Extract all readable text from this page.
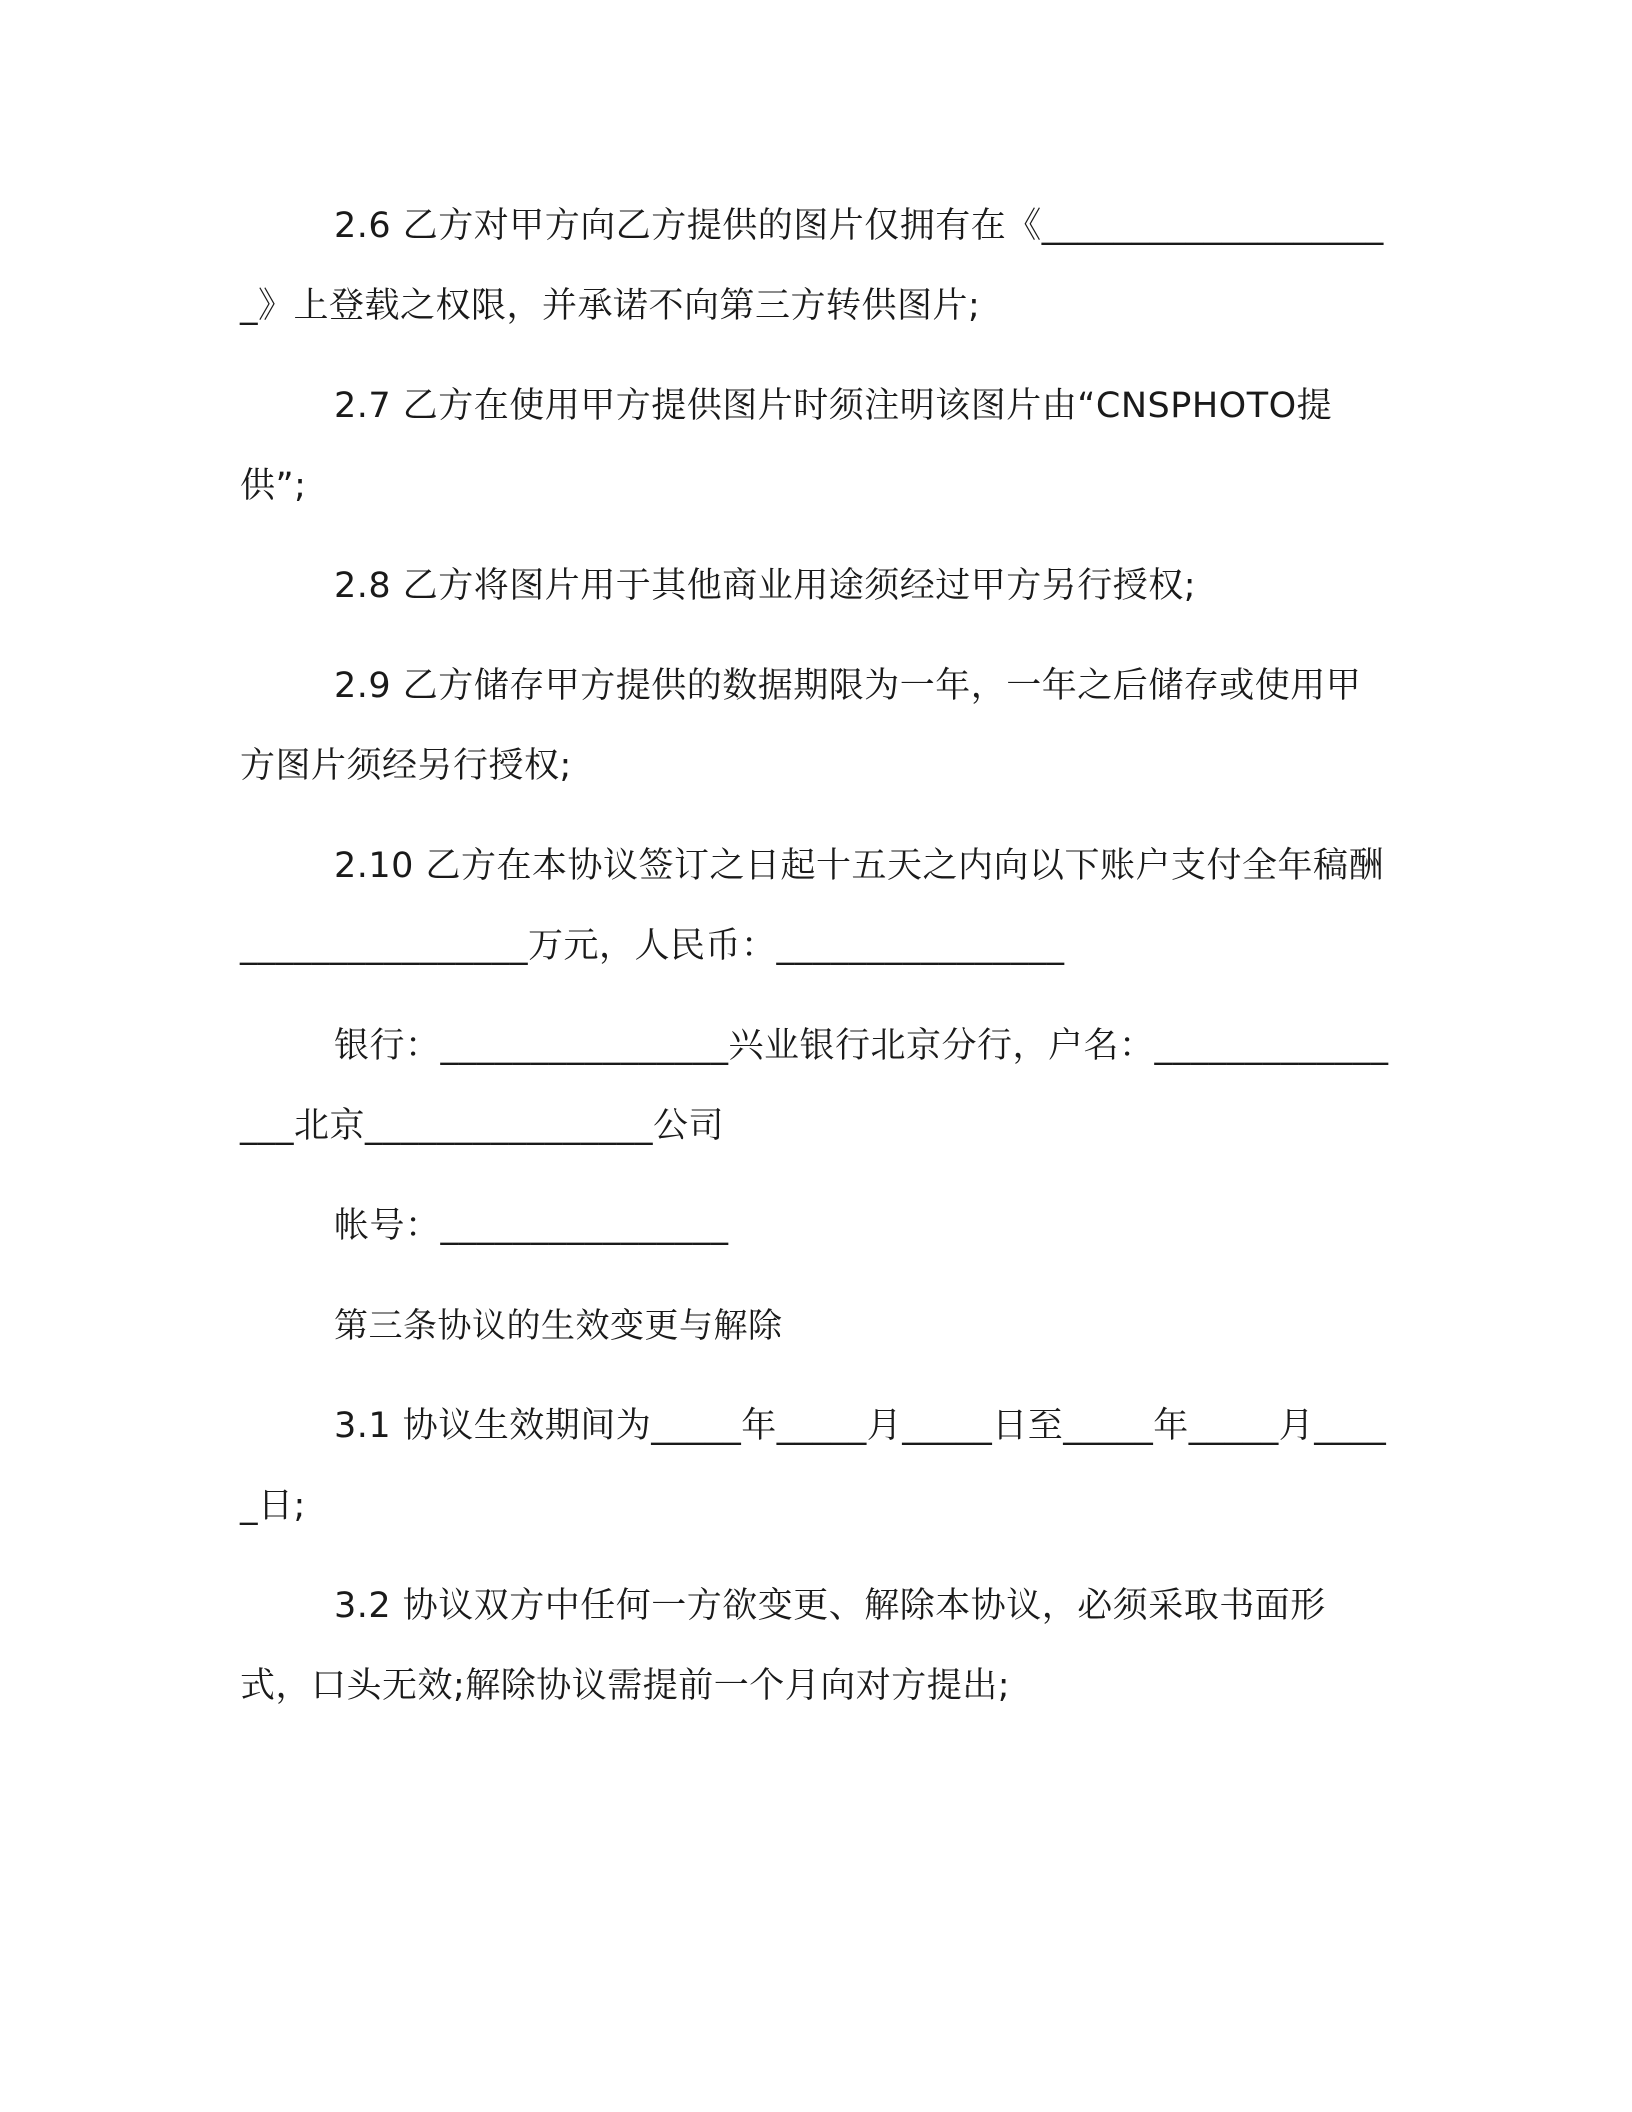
2.6 乙方对甲方向乙方提供的图片仅拥有在《____________________》上登载之权限，并承诺不向第三方转供图片;

2.7 乙方在使用甲方提供图片时须注明该图片由“CNSPHOTO提供”;

2.8 乙方将图片用于其他商业用途须经过甲方另行授权;

2.9 乙方储存甲方提供的数据期限为一年，一年之后储存或使用甲方图片须经另行授权;

2.10 乙方在本协议签订之日起十五天之内向以下账户支付全年稿酬________________万元，人民币：________________

银行：________________兴业银行北京分行，户名：________________北京________________公司

帐号：________________

第三条协议的生效变更与解除

3.1 协议生效期间为_____年_____月_____日至_____年_____月_____日;

3.2 协议双方中任何一方欲变更、解除本协议，必须采取书面形式，口头无效;解除协议需提前一个月向对方提出;
